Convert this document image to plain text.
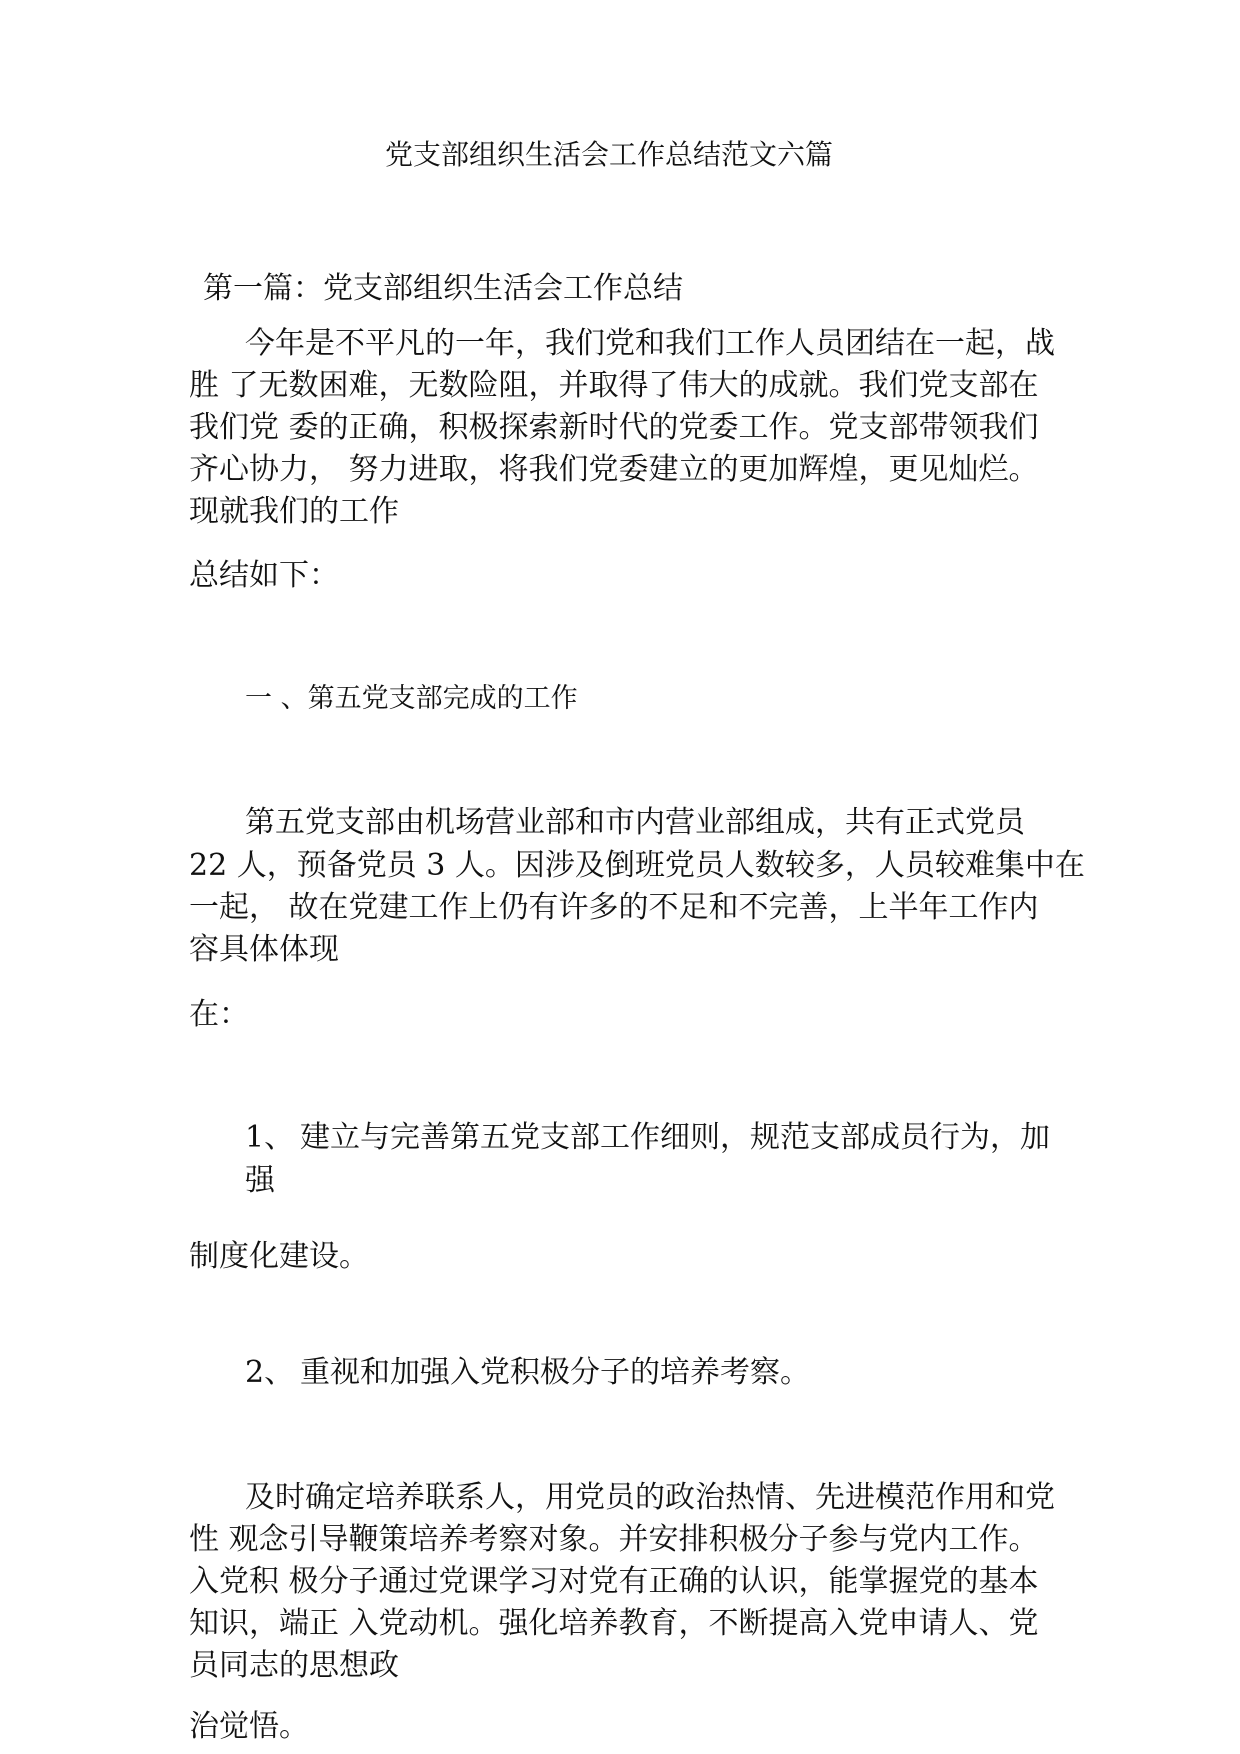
党支部组织生活会工作总结范文六篇
第一篇：党支部组织生活会工作总结
今年是不平凡的一年，我们党和我们工作人员团结在一起，战
胜 了无数困难，无数险阻，并取得了伟大的成就。我们党支部在
我们党 委的正确，积极探索新时代的党委工作。党支部带领我们
齐心协力， 努力进取，将我们党委建立的更加辉煌，更见灿烂。
现就我们的工作
总结如下：
一 、第五党支部完成的工作
第五党支部由机场营业部和市内营业部组成，共有正式党员
22 人，预备党员 3 人。因涉及倒班党员人数较多，人员较难集中在
一起， 故在党建工作上仍有许多的不足和不完善，上半年工作内
容具体体现
在：
1、 建立与完善第五党支部工作细则，规范支部成员行为，加
强
制度化建设。
2、 重视和加强入党积极分子的培养考察。
及时确定培养联系人，用党员的政治热情、先进模范作用和党
性 观念引导鞭策培养考察对象。并安排积极分子参与党内工作。
入党积 极分子通过党课学习对党有正确的认识，能掌握党的基本
知识，端正 入党动机。强化培养教育，不断提高入党申请人、党
员同志的思想政
治觉悟。
